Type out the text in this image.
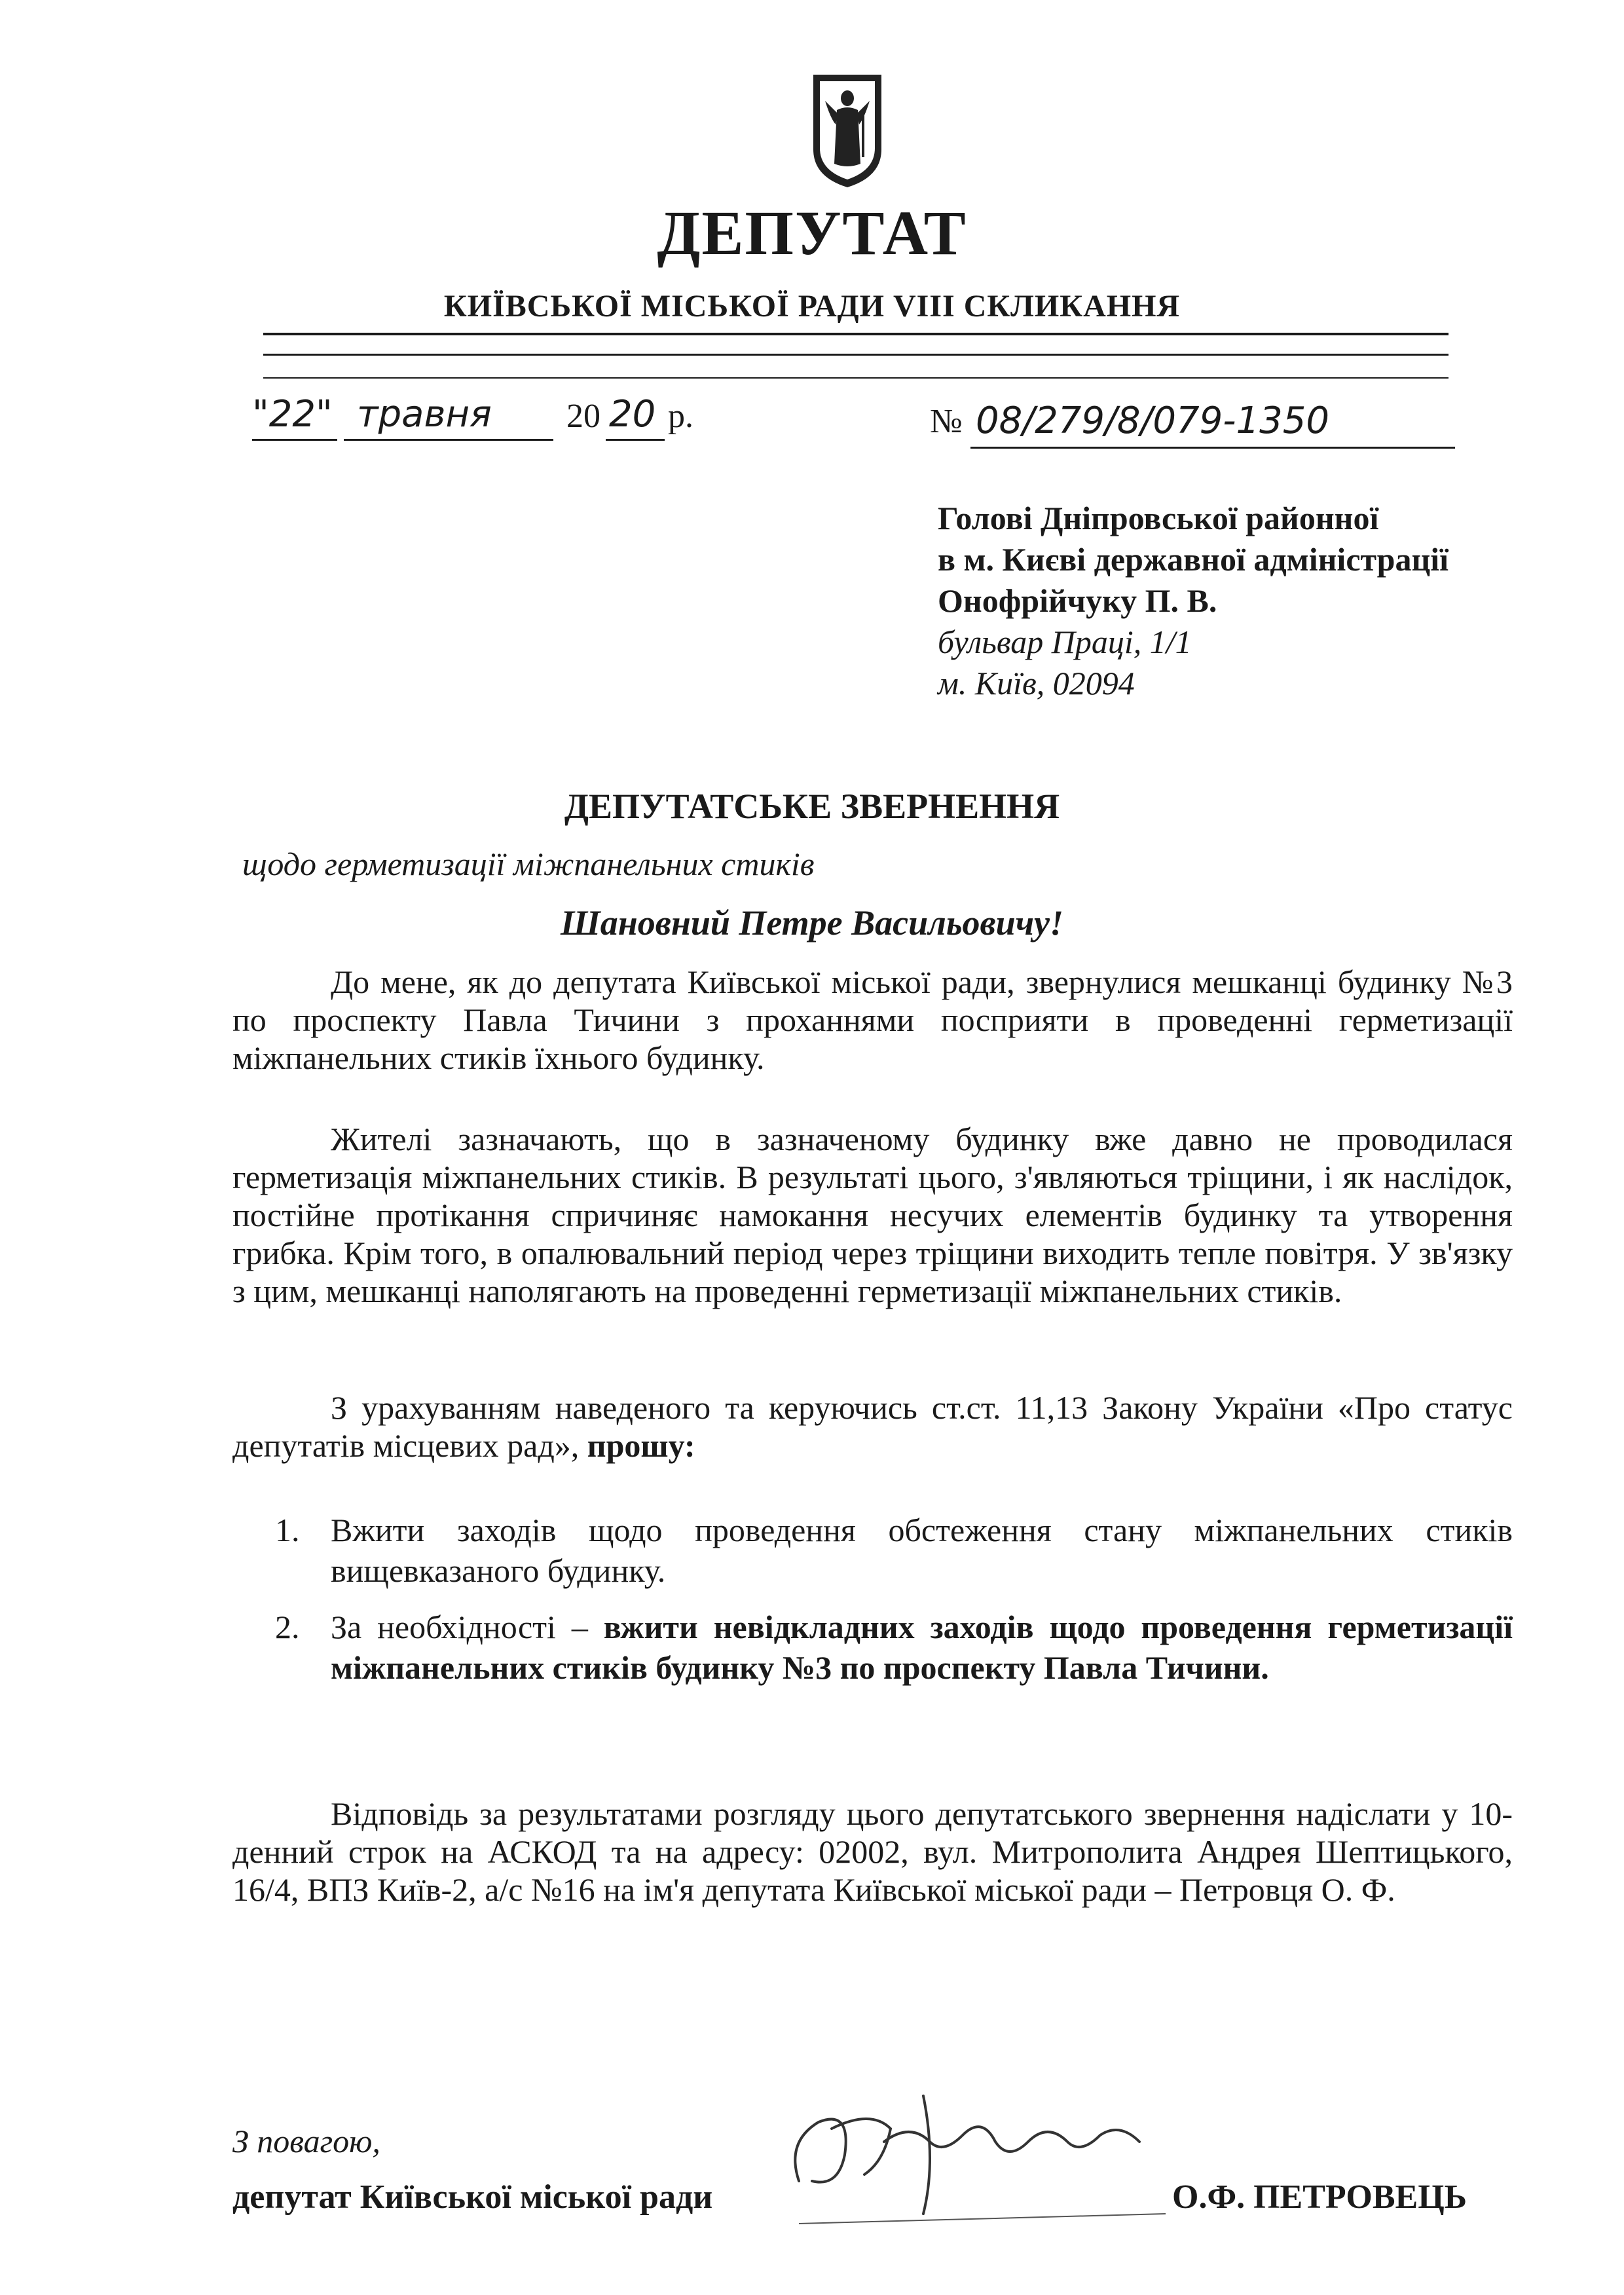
ДЕПУТАТ
КИЇВСЬКОЇ МІСЬКОЇ РАДИ VIII СКЛИКАННЯ
"22" травня 20 20 р.	№ 08/279/8/079-1350
Голові Дніпровської районної
в м. Києві державної адміністрації
Онофрійчуку П. В.
бульвар Праці, 1/1
м. Київ, 02094
ДЕПУТАТСЬКЕ ЗВЕРНЕННЯ
щодо герметизації міжпанельних стиків
Шановний Петре Васильовичу!

До мене, як до депутата Київської міської ради, звернулися мешканці будинку №3 по проспекту Павла Тичини з проханнями посприяти в проведенні герметизації міжпанельних стиків їхнього будинку.

Жителі зазначають, що в зазначеному будинку вже давно не проводилася герметизація міжпанельних стиків. В результаті цього, з'являються тріщини, і як наслідок, постійне протікання спричиняє намокання несучих елементів будинку та утворення грибка. Крім того, в опалювальний період через тріщини виходить тепле повітря. У зв'язку з цим, мешканці наполягають на проведенні герметизації міжпанельних стиків.

З урахуванням наведеного та керуючись ст.ст. 11,13 Закону України «Про статус депутатів місцевих рад», прошу:

1. Вжити заходів щодо проведення обстеження стану міжпанельних стиків вищевказаного будинку.
2. За необхідності – вжити невідкладних заходів щодо проведення герметизації міжпанельних стиків будинку №3 по проспекту Павла Тичини.

Відповідь за результатами розгляду цього депутатського звернення надіслати у 10-денний строк на АСКОД та на адресу: 02002, вул. Митрополита Андрея Шептицького, 16/4, ВПЗ Київ-2, а/с №16 на ім'я депутата Київської міської ради – Петровця О. Ф.

З повагою,
депутат Київської міської ради	О.Ф. ПЕТРОВЕЦЬ
